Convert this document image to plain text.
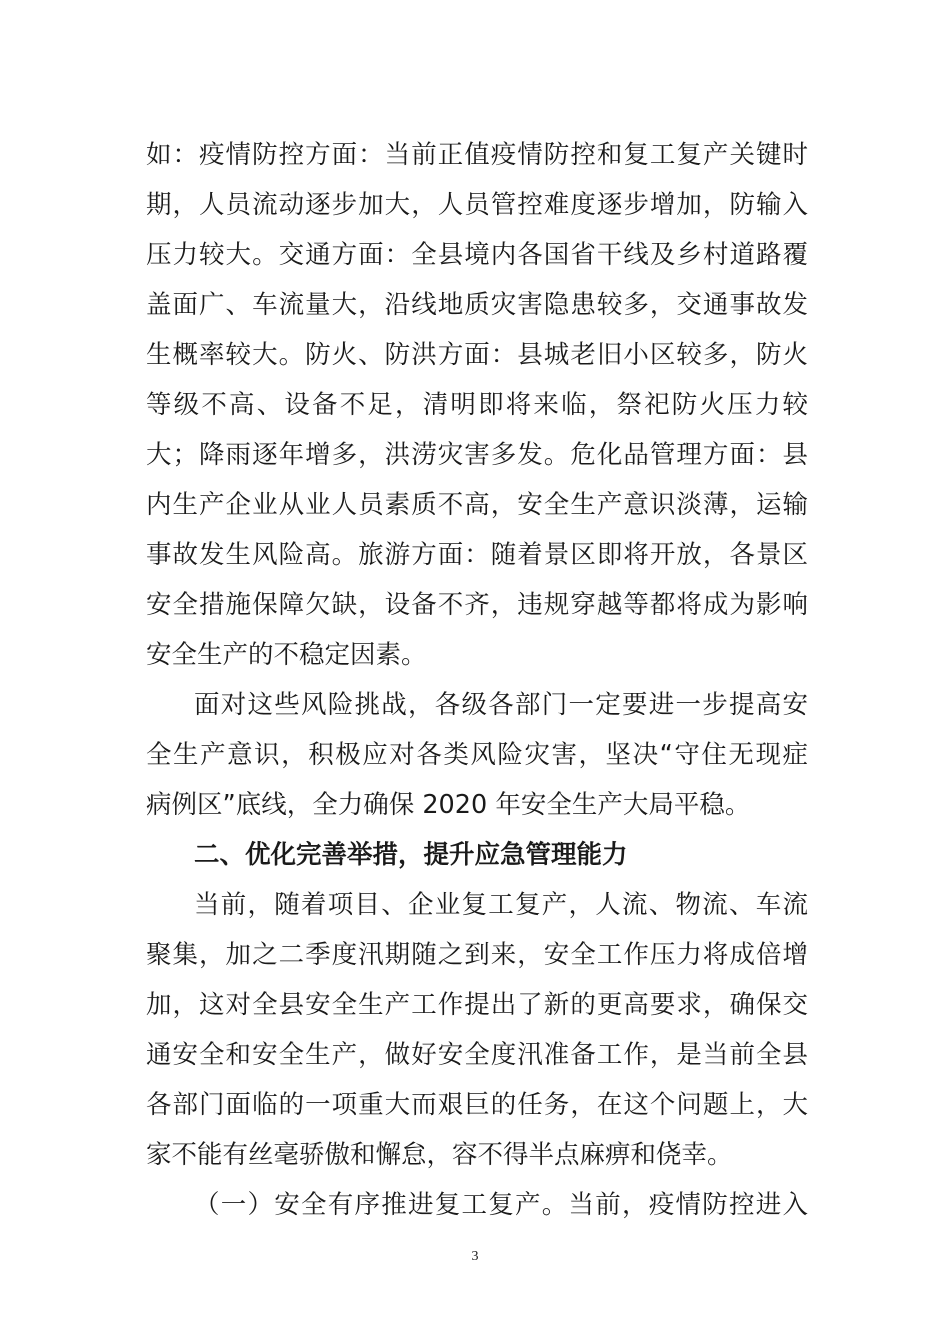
如：疫情防控方面：当前正值疫情防控和复工复产关键时
期，人员流动逐步加大，人员管控难度逐步增加，防输入
压力较大。交通方面：全县境内各国省干线及乡村道路覆
盖面广、车流量大，沿线地质灾害隐患较多，交通事故发
生概率较大。防火、防洪方面：县城老旧小区较多，防火
等级不高、设备不足，清明即将来临，祭祀防火压力较
大；降雨逐年增多，洪涝灾害多发。危化品管理方面：县
内生产企业从业人员素质不高，安全生产意识淡薄，运输
事故发生风险高。旅游方面：随着景区即将开放，各景区
安全措施保障欠缺，设备不齐，违规穿越等都将成为影响
安全生产的不稳定因素。
面对这些风险挑战，各级各部门一定要进一步提高安
全生产意识，积极应对各类风险灾害，坚决“守住无现症
病例区”底线，全力确保 2020 年安全生产大局平稳。
二、优化完善举措，提升应急管理能力
当前，随着项目、企业复工复产，人流、物流、车流
聚集，加之二季度汛期随之到来，安全工作压力将成倍增
加，这对全县安全生产工作提出了新的更高要求，确保交
通安全和安全生产，做好安全度汛准备工作，是当前全县
各部门面临的一项重大而艰巨的任务，在这个问题上，大
家不能有丝毫骄傲和懈怠，容不得半点麻痹和侥幸。
（一）安全有序推进复工复产。当前，疫情防控进入
3
